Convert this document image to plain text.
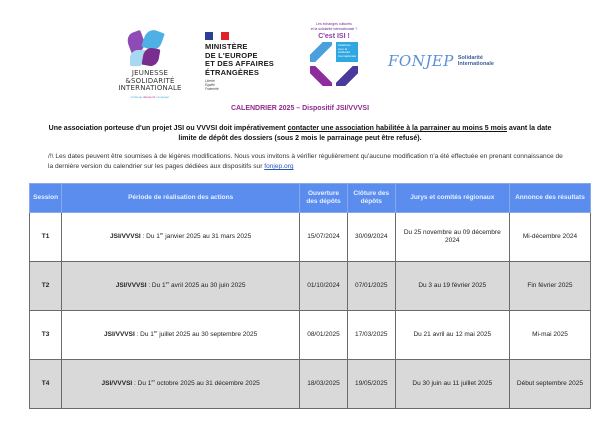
JEUNESSE
&SOLIDARITÉ
INTERNATIONALE
échange découvrir s'engager
MINISTÈRE
DE L'EUROPE
ET DES AFFAIRES
ÉTRANGÈRES
Liberté
Égalité
Fraternité
Les échanges culturels
et la solidarité internationale ?
C'est ISI !
Initiatives pour la solidarité internationale FONJEP Solidarité
Internationale
CALENDRIER 2025 – Dispositif JSI/VVVSI
Une association porteuse d'un projet JSI ou VVVSI doit impérativement contacter une association habilitée à la parrainer au moins 5 mois avant la date limite de dépôt des dossiers (sous 2 mois le parrainage peut être refusé).
/!\ Les dates peuvent être soumises à de légères modifications. Nous vous invitons à vérifier régulièrement qu'aucune modification n'a été effectuée en prenant connaissance de la dernière version du calendrier sur les pages dédiées aux dispositifs sur fonjep.org
Session	Période de réalisation des actions	Ouverture des dépôts	Clôture des dépôts	Jurys et comités régionaux	Annonce des résultats
T1	JSI/VVVSI : Du 1er janvier 2025 au 31 mars 2025	15/07/2024	30/09/2024	Du 25 novembre au 09 décembre 2024	Mi-décembre 2024
T2	JSI/VVVSI : Du 1er avril 2025 au 30 juin 2025	01/10/2024	07/01/2025	Du 3 au 19 février 2025	Fin février 2025
T3	JSI/VVVSI : Du 1er juillet 2025 au 30 septembre 2025	08/01/2025	17/03/2025	Du 21 avril au 12 mai 2025	Mi-mai 2025
T4	JSI/VVVSI : Du 1er octobre 2025 au 31 décembre 2025	18/03/2025	19/05/2025	Du 30 juin au 11 juillet 2025	Début septembre 2025
